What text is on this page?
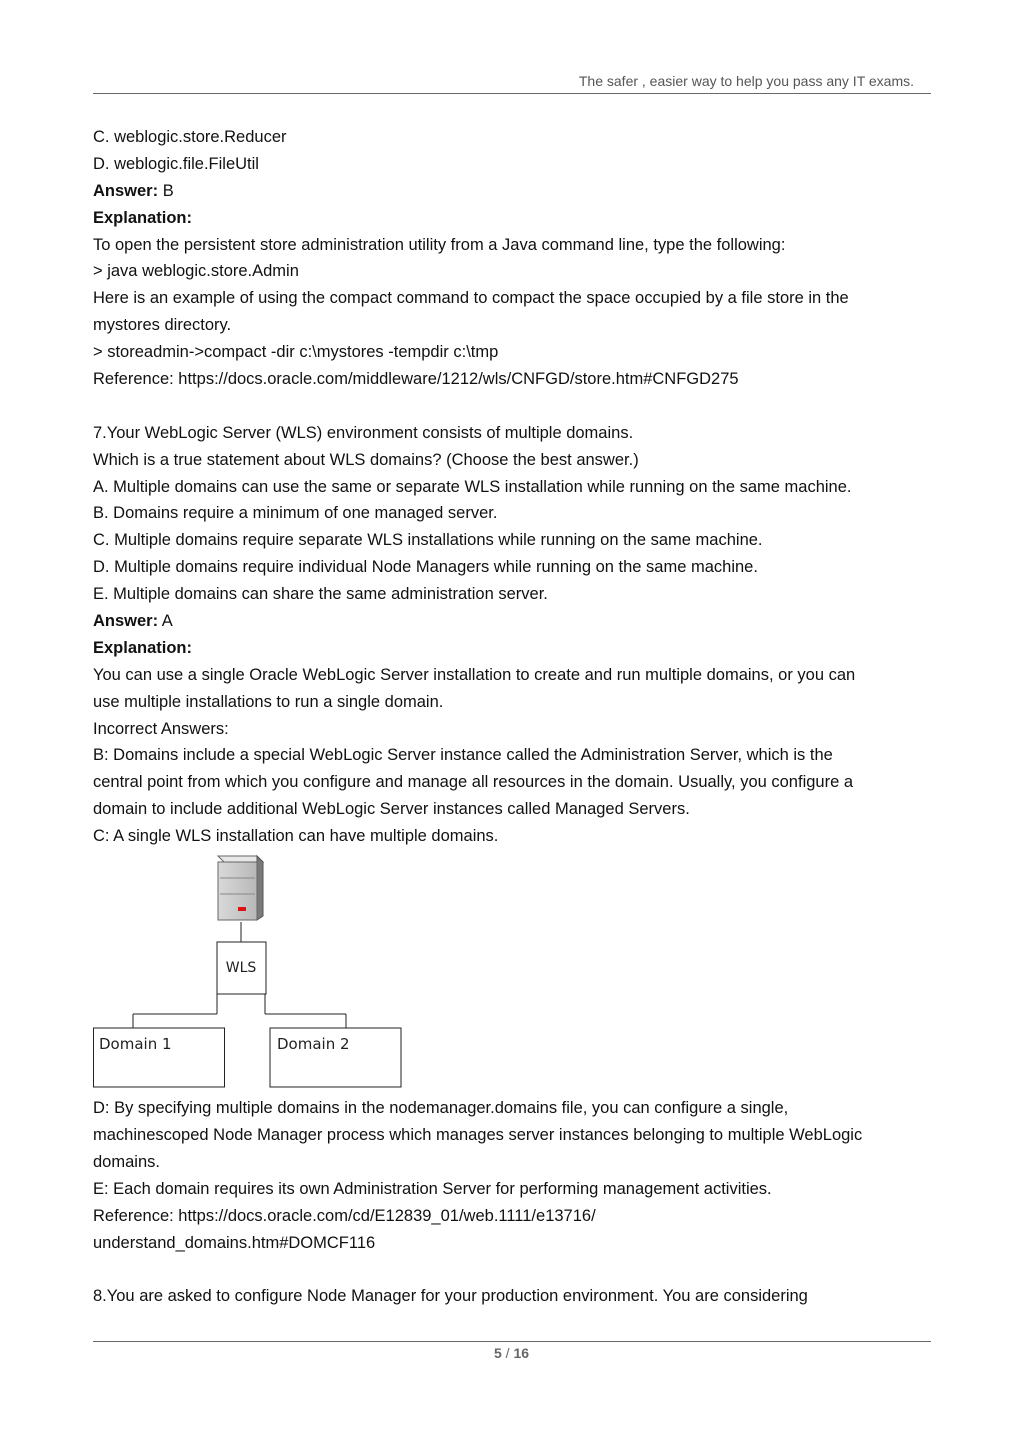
The safer , easier way to help you pass any IT exams.
C. weblogic.store.Reducer
D. weblogic.file.FileUtil
Answer: B
Explanation:
To open the persistent store administration utility from a Java command line, type the following:
> java weblogic.store.Admin
Here is an example of using the compact command to compact the space occupied by a file store in the
mystores directory.
> storeadmin->compact -dir c:\mystores -tempdir c:\tmp
Reference: https://docs.oracle.com/middleware/1212/wls/CNFGD/store.htm#CNFGD275
7.Your WebLogic Server (WLS) environment consists of multiple domains.
Which is a true statement about WLS domains? (Choose the best answer.)
A. Multiple domains can use the same or separate WLS installation while running on the same machine.
B. Domains require a minimum of one managed server.
C. Multiple domains require separate WLS installations while running on the same machine.
D. Multiple domains require individual Node Managers while running on the same machine.
E. Multiple domains can share the same administration server.
Answer: A
Explanation:
You can use a single Oracle WebLogic Server installation to create and run multiple domains, or you can
use multiple installations to run a single domain.
Incorrect Answers:
B: Domains include a special WebLogic Server instance called the Administration Server, which is the
central point from which you configure and manage all resources in the domain. Usually, you configure a
domain to include additional WebLogic Server instances called Managed Servers.
C: A single WLS installation can have multiple domains.
WLS
Domain 1	Domain 2
D: By specifying multiple domains in the nodemanager.domains file, you can configure a single,
machinescoped Node Manager process which manages server instances belonging to multiple WebLogic
domains.
E: Each domain requires its own Administration Server for performing management activities.
Reference: https://docs.oracle.com/cd/E12839_01/web.1111/e13716/
understand_domains.htm#DOMCF116
8.You are asked to configure Node Manager for your production environment. You are considering
5 / 16
